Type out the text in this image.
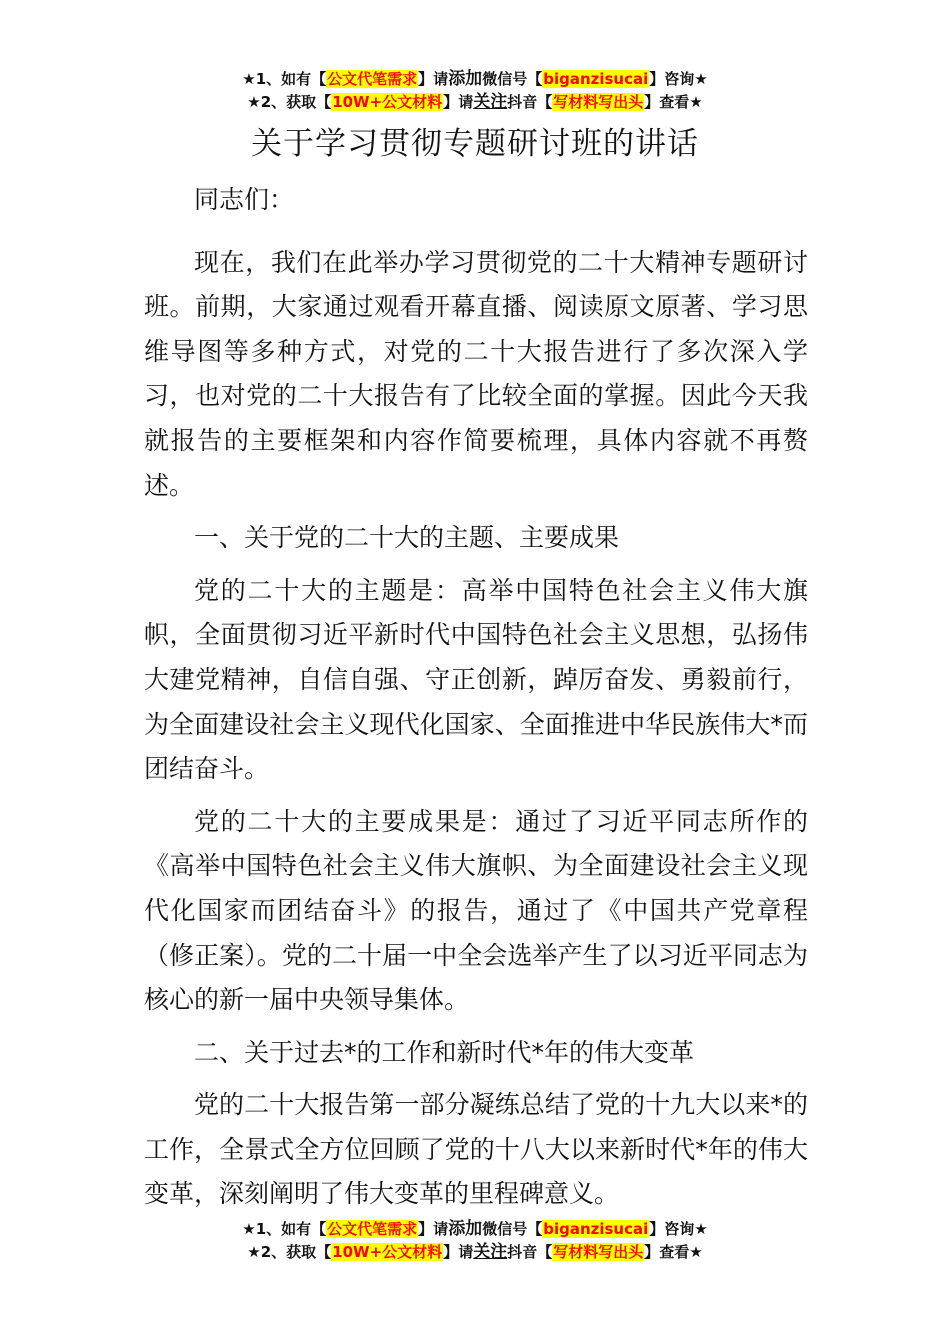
★1、如有【公文代笔需求】请添加微信号【biganzisucai】咨询★
★2、获取【10W+公文材料】请关注抖音【写材料写出头】查看★
关于学习贯彻专题研讨班的讲话

同志们：

现在，我们在此举办学习贯彻党的二十大精神专题研讨班。前期，大家通过观看开幕直播、阅读原文原著、学习思维导图等多种方式，对党的二十大报告进行了多次深入学习，也对党的二十大报告有了比较全面的掌握。因此今天我就报告的主要框架和内容作简要梳理，具体内容就不再赘述。

一、关于党的二十大的主题、主要成果

党的二十大的主题是：高举中国特色社会主义伟大旗帜，全面贯彻习近平新时代中国特色社会主义思想，弘扬伟大建党精神，自信自强、守正创新，踔厉奋发、勇毅前行，为全面建设社会主义现代化国家、全面推进中华民族伟大*而团结奋斗。

党的二十大的主要成果是：通过了习近平同志所作的《高举中国特色社会主义伟大旗帜、为全面建设社会主义现代化国家而团结奋斗》的报告，通过了《中国共产党章程（修正案）。党的二十届一中全会选举产生了以习近平同志为核心的新一届中央领导集体。

二、关于过去*的工作和新时代*年的伟大变革

党的二十大报告第一部分凝练总结了党的十九大以来*的工作，全景式全方位回顾了党的十八大以来新时代*年的伟大变革，深刻阐明了伟大变革的里程碑意义。

★1、如有【公文代笔需求】请添加微信号【biganzisucai】咨询★
★2、获取【10W+公文材料】请关注抖音【写材料写出头】查看★
